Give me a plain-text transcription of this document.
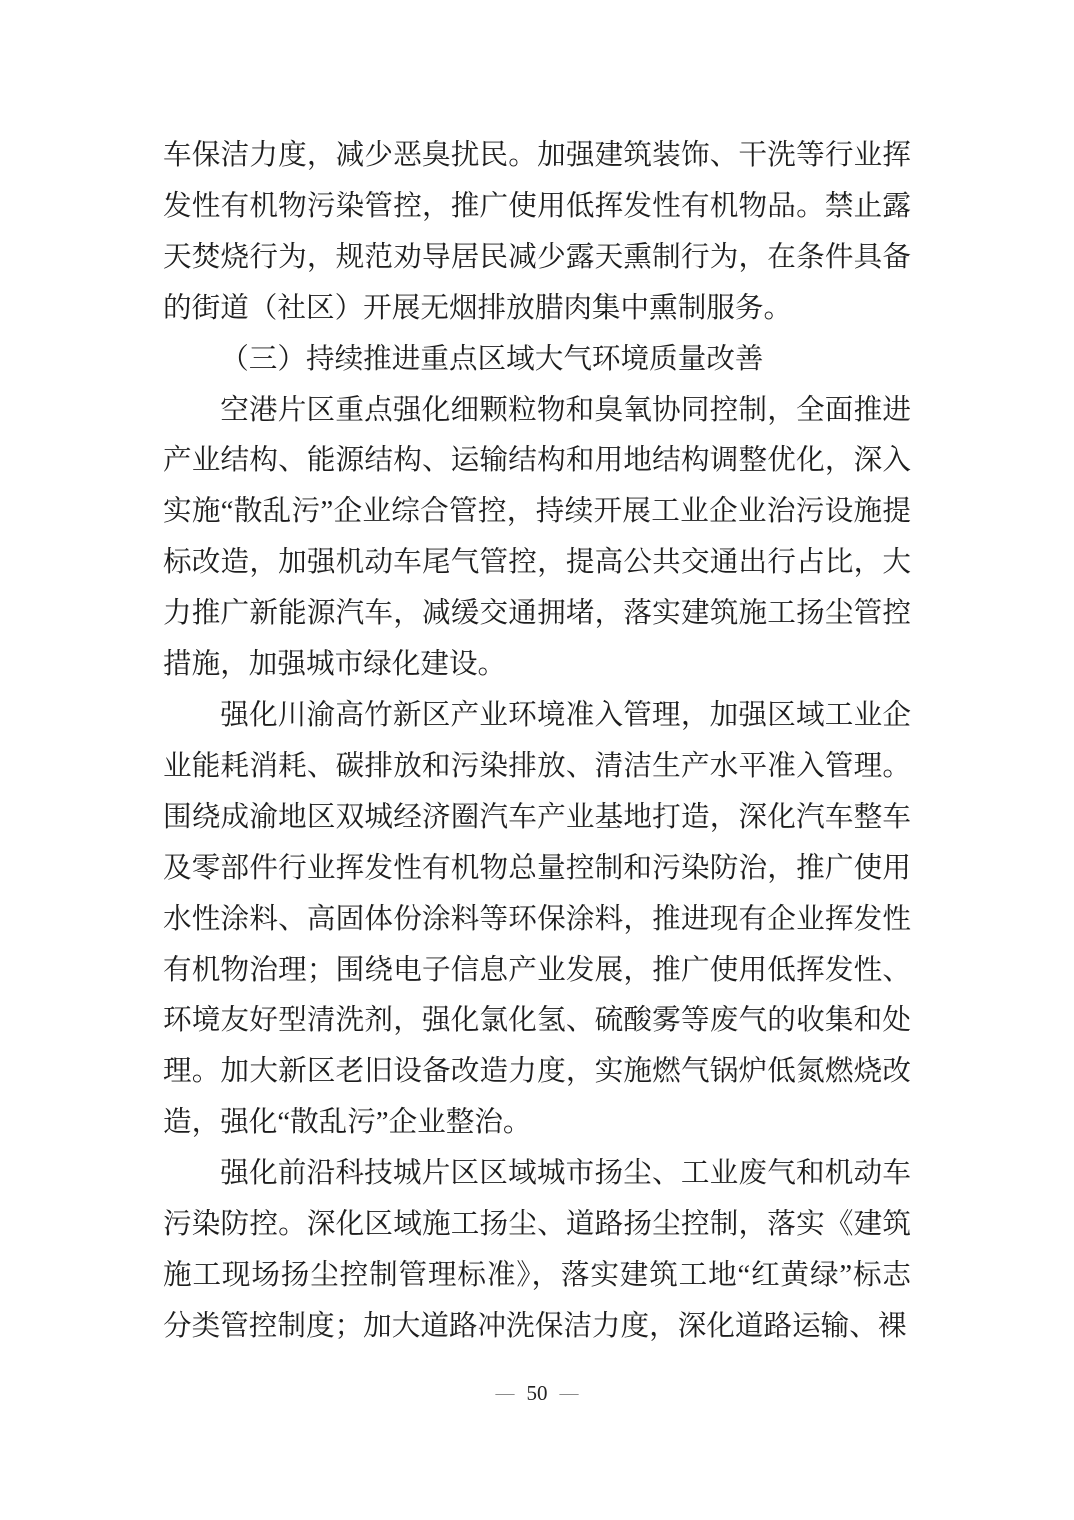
车保洁力度，减少恶臭扰民。加强建筑装饰、干洗等行业挥发性有机物污染管控，推广使用低挥发性有机物品。禁止露天焚烧行为，规范劝导居民减少露天熏制行为，在条件具备的街道（社区）开展无烟排放腊肉集中熏制服务。

（三）持续推进重点区域大气环境质量改善

空港片区重点强化细颗粒物和臭氧协同控制，全面推进产业结构、能源结构、运输结构和用地结构调整优化，深入实施“散乱污”企业综合管控，持续开展工业企业治污设施提标改造，加强机动车尾气管控，提高公共交通出行占比，大力推广新能源汽车，减缓交通拥堵，落实建筑施工扬尘管控措施，加强城市绿化建设。

强化川渝高竹新区产业环境准入管理，加强区域工业企业能耗消耗、碳排放和污染排放、清洁生产水平准入管理。围绕成渝地区双城经济圈汽车产业基地打造，深化汽车整车及零部件行业挥发性有机物总量控制和污染防治，推广使用水性涂料、高固体份涂料等环保涂料，推进现有企业挥发性有机物治理；围绕电子信息产业发展，推广使用低挥发性、环境友好型清洗剂，强化氯化氢、硫酸雾等废气的收集和处理。加大新区老旧设备改造力度，实施燃气锅炉低氮燃烧改造，强化“散乱污”企业整治。

强化前沿科技城片区区域城市扬尘、工业废气和机动车污染防控。深化区域施工扬尘、道路扬尘控制，落实《建筑施工现场扬尘控制管理标准》，落实建筑工地“红黄绿”标志分类管控制度；加大道路冲洗保洁力度，深化道路运输、裸

— 50 —
